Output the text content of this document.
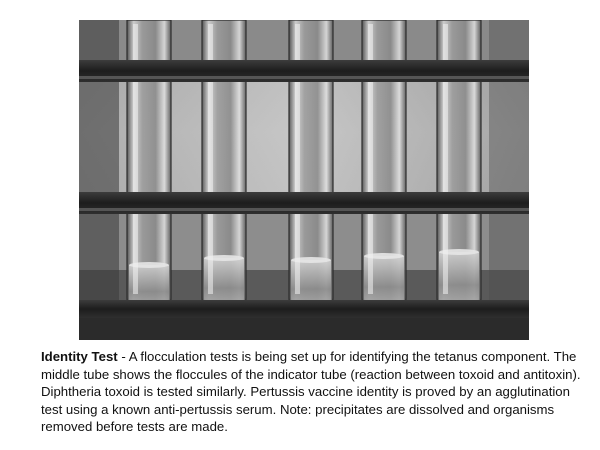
Identity Test - A flocculation tests is being set up for identifying the tetanus component. The middle tube shows the floccules of the indicator tube (reaction between toxoid and antitoxin). Diphtheria toxoid is tested similarly. Pertussis vaccine identity is proved by an agglutination test using a known anti-pertussis serum. Note: precipitates are dissolved and organisms removed before tests are made.
